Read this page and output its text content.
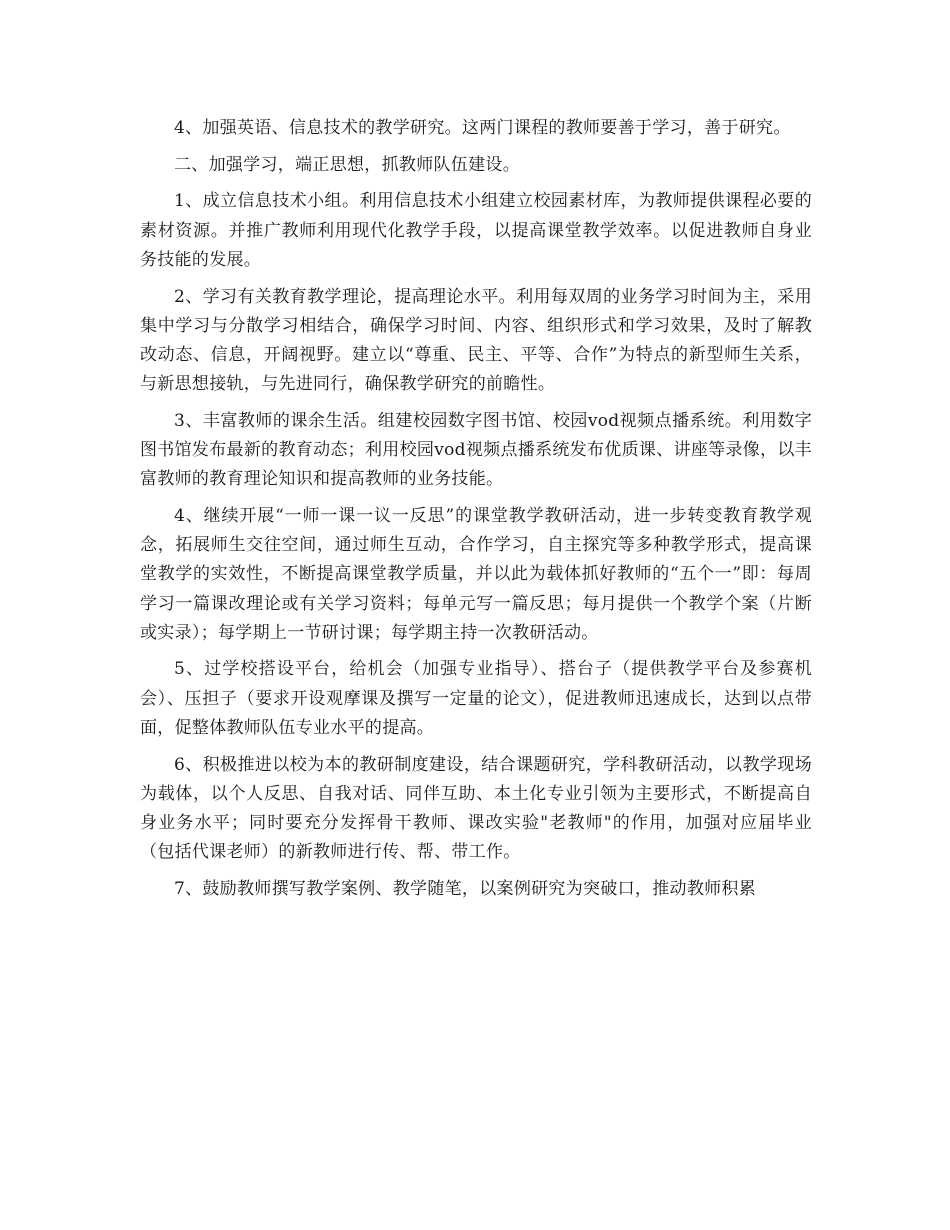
4、加强英语、信息技术的教学研究。这两门课程的教师要善于学习，善于研究。

二、加强学习，端正思想，抓教师队伍建设。

1、成立信息技术小组。利用信息技术小组建立校园素材库，为教师提供课程必要的素材资源。并推广教师利用现代化教学手段，以提高课堂教学效率。以促进教师自身业务技能的发展。

2、学习有关教育教学理论，提高理论水平。利用每双周的业务学习时间为主，采用集中学习与分散学习相结合，确保学习时间、内容、组织形式和学习效果，及时了解教改动态、信息，开阔视野。建立以“尊重、民主、平等、合作”为特点的新型师生关系，与新思想接轨，与先进同行，确保教学研究的前瞻性。

3、丰富教师的课余生活。组建校园数字图书馆、校园vod视频点播系统。利用数字图书馆发布最新的教育动态；利用校园vod视频点播系统发布优质课、讲座等录像，以丰富教师的教育理论知识和提高教师的业务技能。

4、继续开展“一师一课一议一反思”的课堂教学教研活动，进一步转变教育教学观念，拓展师生交往空间，通过师生互动，合作学习，自主探究等多种教学形式，提高课堂教学的实效性，不断提高课堂教学质量，并以此为载体抓好教师的“五个一”即：每周学习一篇课改理论或有关学习资料；每单元写一篇反思；每月提供一个教学个案（片断或实录）；每学期上一节研讨课；每学期主持一次教研活动。

5、过学校搭设平台，给机会（加强专业指导）、搭台子（提供教学平台及参赛机会）、压担子（要求开设观摩课及撰写一定量的论文），促进教师迅速成长，达到以点带面，促整体教师队伍专业水平的提高。

6、积极推进以校为本的教研制度建设，结合课题研究，学科教研活动，以教学现场为载体，以个人反思、自我对话、同伴互助、本土化专业引领为主要形式，不断提高自身业务水平；同时要充分发挥骨干教师、课改实验"老教师"的作用，加强对应届毕业（包括代课老师）的新教师进行传、帮、带工作。

7、鼓励教师撰写教学案例、教学随笔，以案例研究为突破口，推动教师积累
